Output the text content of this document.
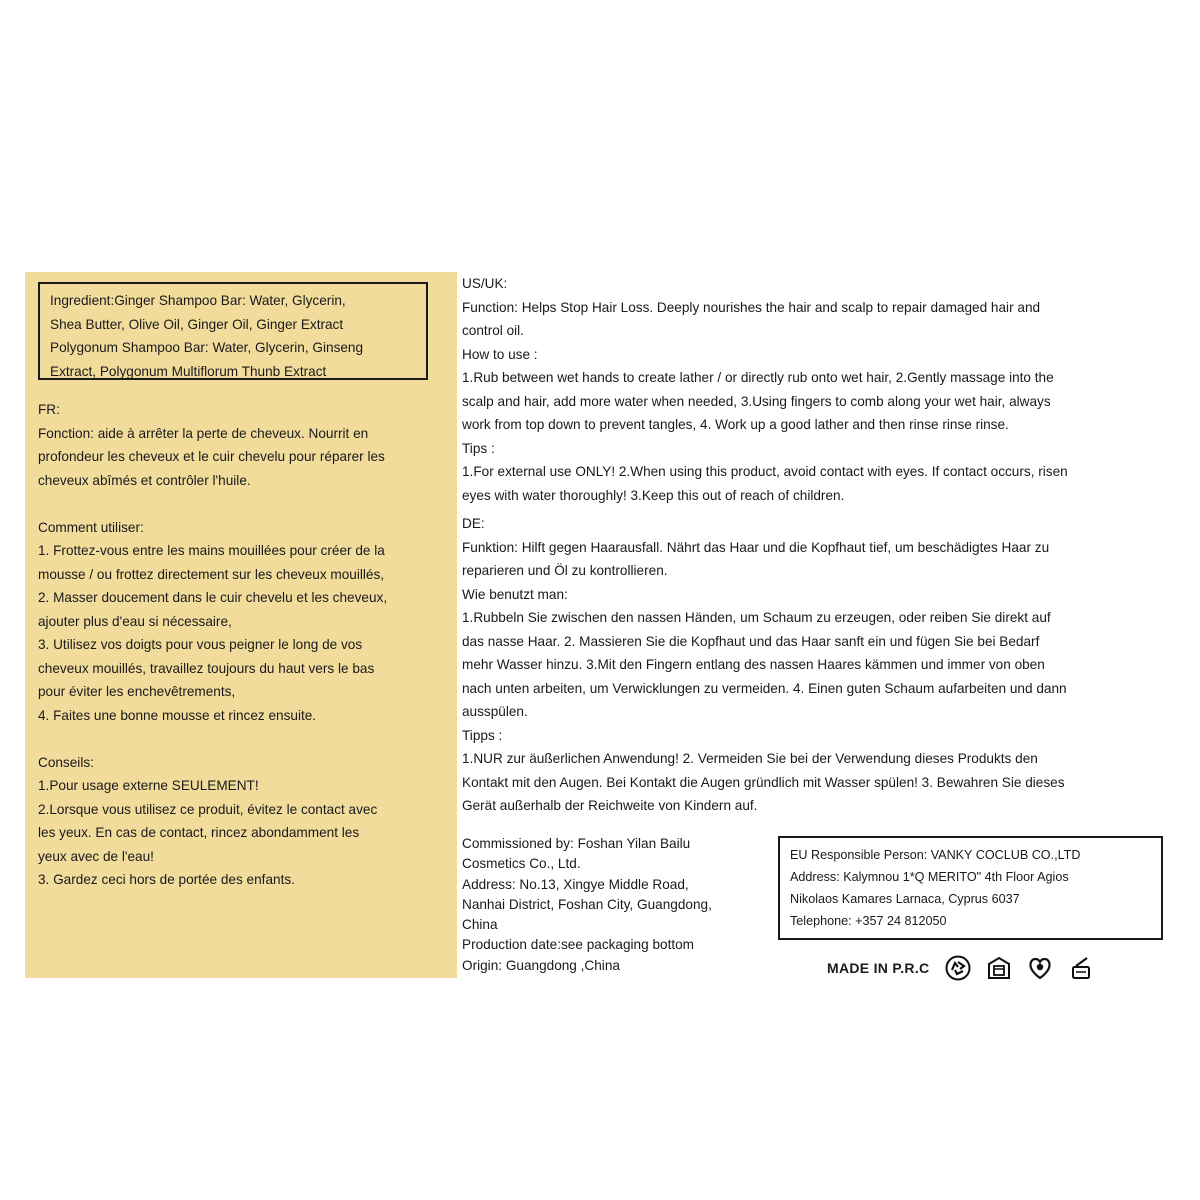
Ingredient:Ginger Shampoo Bar: Water, Glycerin,
Shea Butter, Olive Oil, Ginger Oil, Ginger Extract
Polygonum Shampoo Bar: Water, Glycerin, Ginseng
Extract, Polygonum Multiflorum Thunb Extract

FR:

Fonction: aide à arrêter la perte de cheveux. Nourrit en

profondeur les cheveux et le cuir chevelu pour réparer les

cheveux abîmés et contrôler l'huile.

Comment utiliser:

1. Frottez-vous entre les mains mouillées pour créer de la

mousse / ou frottez directement sur les cheveux mouillés,

2. Masser doucement dans le cuir chevelu et les cheveux,

ajouter plus d'eau si nécessaire,

3. Utilisez vos doigts pour vous peigner le long de vos

cheveux mouillés, travaillez toujours du haut vers le bas

pour éviter les enchevêtrements,

4. Faites une bonne mousse et rincez ensuite.

Conseils:

1.Pour usage externe SEULEMENT!

2.Lorsque vous utilisez ce produit, évitez le contact avec

les yeux. En cas de contact, rincez abondamment les

yeux avec de l'eau!

3. Gardez ceci hors de portée des enfants.

US/UK:

Function: Helps Stop Hair Loss. Deeply nourishes the hair and scalp to repair damaged hair and

control oil.

How to use :

1.Rub between wet hands to create lather / or directly rub onto wet hair, 2.Gently massage into the

scalp and hair, add more water when needed, 3.Using fingers to comb along your wet hair, always

work from top down to prevent tangles, 4. Work up a good lather and then rinse rinse rinse.

Tips :

1.For external use ONLY! 2.When using this product, avoid contact with eyes. If contact occurs, risen

eyes with water thoroughly! 3.Keep this out of reach of children.

DE:

Funktion: Hilft gegen Haarausfall. Nährt das Haar und die Kopfhaut tief, um beschädigtes Haar zu

reparieren und Öl zu kontrollieren.

Wie benutzt man:

1.Rubbeln Sie zwischen den nassen Händen, um Schaum zu erzeugen, oder reiben Sie direkt auf

das nasse Haar. 2. Massieren Sie die Kopfhaut und das Haar sanft ein und fügen Sie bei Bedarf

mehr Wasser hinzu. 3.Mit den Fingern entlang des nassen Haares kämmen und immer von oben

nach unten arbeiten, um Verwicklungen zu vermeiden. 4. Einen guten Schaum aufarbeiten und dann

ausspülen.

Tipps :

1.NUR zur äußerlichen Anwendung! 2. Vermeiden Sie bei der Verwendung dieses Produkts den

Kontakt mit den Augen. Bei Kontakt die Augen gründlich mit Wasser spülen! 3. Bewahren Sie dieses

Gerät außerhalb der Reichweite von Kindern auf.

Commissioned by: Foshan Yilan Bailu

Cosmetics Co., Ltd.

Address: No.13, Xingye Middle Road,

Nanhai District, Foshan City, Guangdong,

China

Production date:see packaging bottom

Origin: Guangdong ,China

EU Responsible Person: VANKY COCLUB CO.,LTD

Address: Kalymnou 1*Q MERITO" 4th Floor Agios

Nikolaos Kamares Larnaca, Cyprus 6037

Telephone: +357 24 812050

MADE IN P.R.C
